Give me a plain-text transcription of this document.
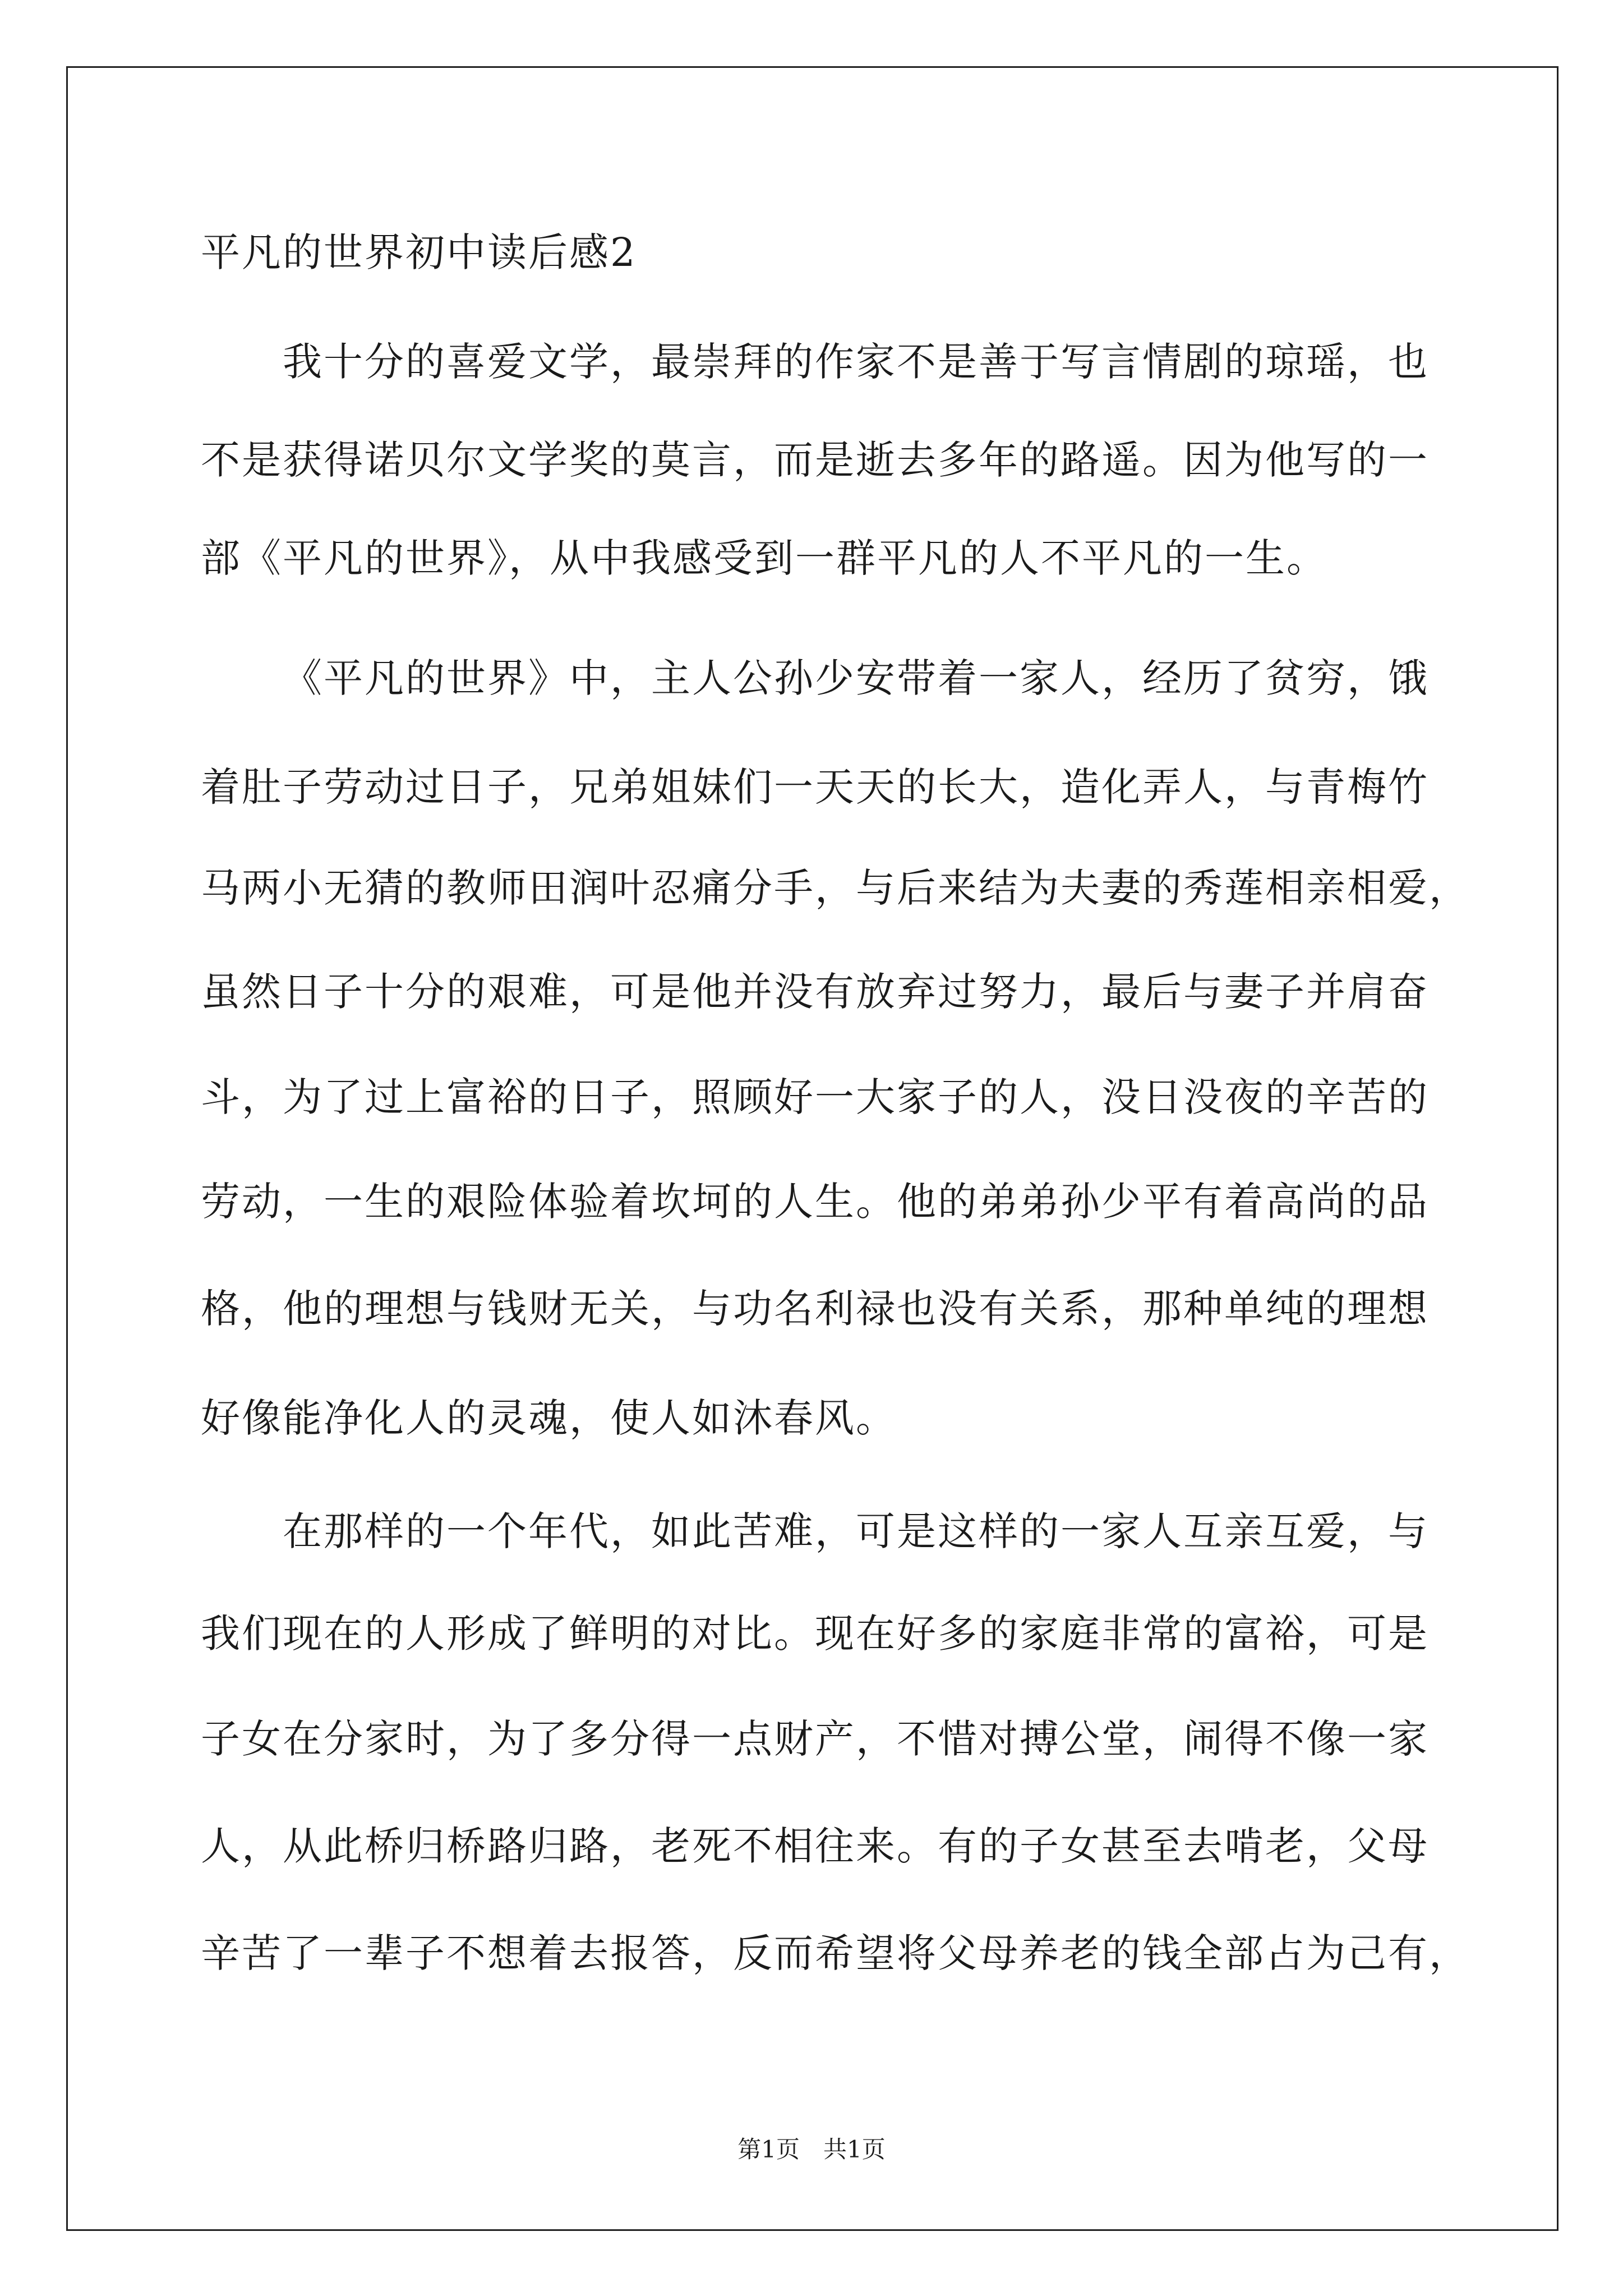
平凡的世界初中读后感2
我十分的喜爱文学，最崇拜的作家不是善于写言情剧的琼瑶，也
不是获得诺贝尔文学奖的莫言，而是逝去多年的路遥。因为他写的一
部《平凡的世界》，从中我感受到一群平凡的人不平凡的一生。
《平凡的世界》中，主人公孙少安带着一家人，经历了贫穷，饿
着肚子劳动过日子，兄弟姐妹们一天天的长大，造化弄人，与青梅竹
马两小无猜的教师田润叶忍痛分手，与后来结为夫妻的秀莲相亲相爱，
虽然日子十分的艰难，可是他并没有放弃过努力，最后与妻子并肩奋
斗，为了过上富裕的日子，照顾好一大家子的人，没日没夜的辛苦的
劳动，一生的艰险体验着坎坷的人生。他的弟弟孙少平有着高尚的品
格，他的理想与钱财无关，与功名利禄也没有关系，那种单纯的理想
好像能净化人的灵魂，使人如沐春风。
在那样的一个年代，如此苦难，可是这样的一家人互亲互爱，与
我们现在的人形成了鲜明的对比。现在好多的家庭非常的富裕，可是
子女在分家时，为了多分得一点财产，不惜对搏公堂，闹得不像一家
人，从此桥归桥路归路，老死不相往来。有的子女甚至去啃老，父母
辛苦了一辈子不想着去报答，反而希望将父母养老的钱全部占为己有，
第1页　共1页
